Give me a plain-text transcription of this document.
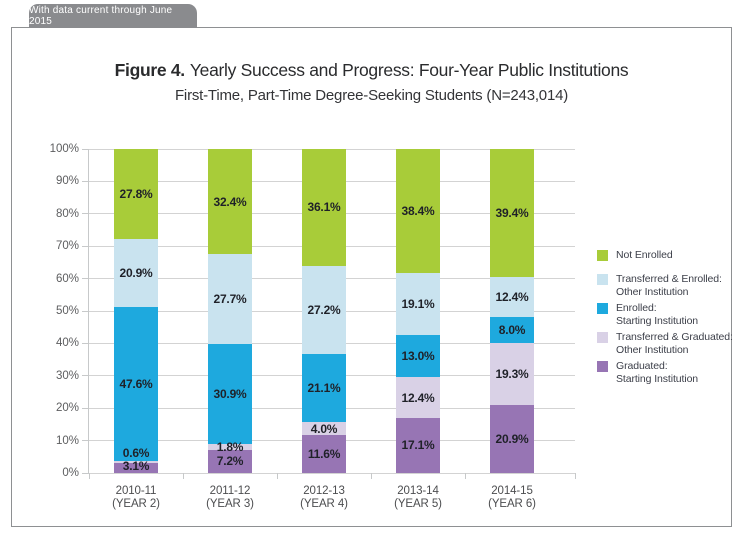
With data current through June 2015
Figure 4. Yearly Success and Progress: Four-Year Public Institutions
First-Time, Part-Time Degree-Seeking Students (N=243,014)
0%
10%
20%
30%
40%
50%
60%
70%
80%
90%
100%
3.1%
0.6%
47.6%
20.9%
27.8%
2010-11
(YEAR 2)
7.2%
1.8%
30.9%
27.7%
32.4%
2011-12
(YEAR 3)
11.6%
4.0%
21.1%
27.2%
36.1%
2012-13
(YEAR 4)
17.1%
12.4%
13.0%
19.1%
38.4%
2013-14
(YEAR 5)
20.9%
19.3%
8.0%
12.4%
39.4%
2014-15
(YEAR 6)
Not Enrolled
Transferred & Enrolled:
Other Institution
Enrolled:
Starting Institution
Transferred & Graduated:
Other Institution
Graduated:
Starting Institution
